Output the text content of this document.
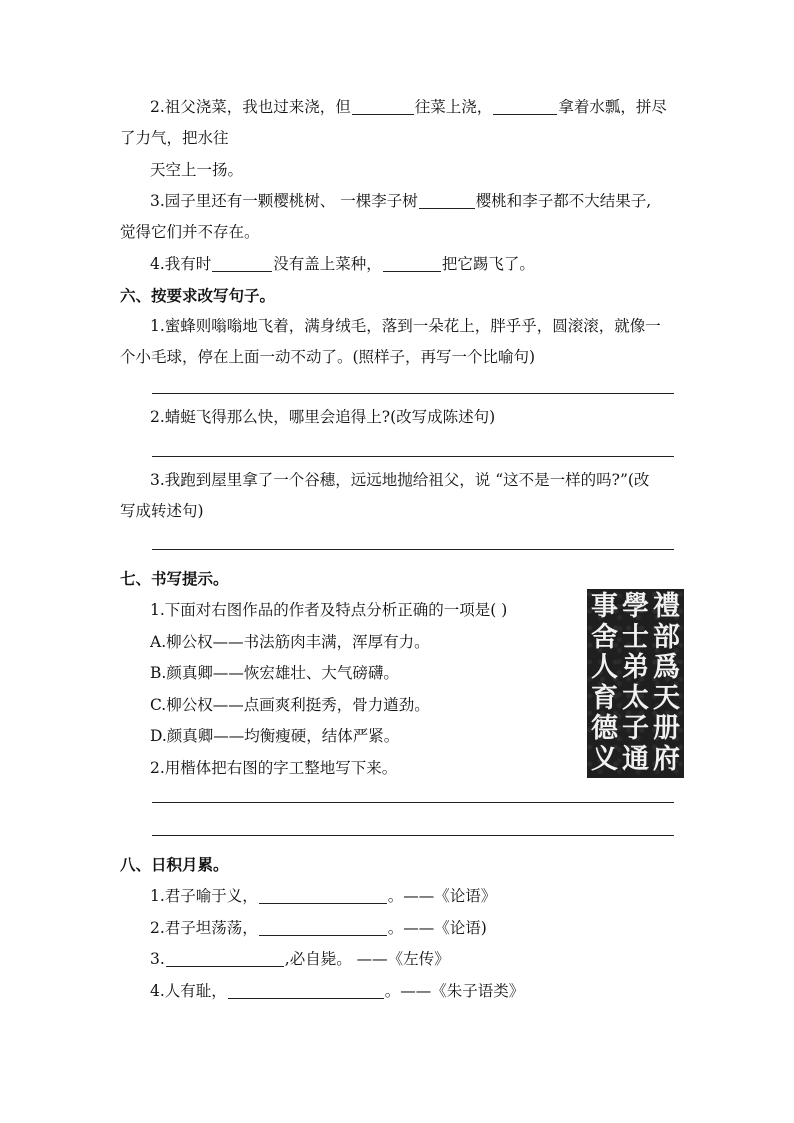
2.祖父浇菜，我也过来浇，但	往菜上浇，	拿着水瓢，拼尽
了力气，把水往
天空上一扬。
3.园子里还有一颗樱桃树、 一棵李子树	樱桃和李子都不大结果子,
觉得它们并不存在。
4.我有时	没有盖上菜种，	把它踢飞了。
六、按要求改写句子。
1.蜜蜂则嗡嗡地飞着，满身绒毛，落到一朵花上，胖乎乎，圆滚滚，就像一
个小毛球，停在上面一动不动了。(照样子，再写一个比喻句)
2.蜻蜓飞得那么快，哪里会追得上?(改写成陈述句)
3.我跑到屋里拿了一个谷穗，远远地抛给祖父，说 “这不是一样的吗?”(改
写成转述句)
七、书写提示。
1.下面对右图作品的作者及特点分析正确的一项是( )
A.柳公权——书法筋肉丰满，浑厚有力。
B.颜真卿——恢宏雄壮、大气磅礴。
C.柳公权——点画爽利挺秀，骨力遒劲。
D.颜真卿——均衡瘦硬，结体严紧。
2.用楷体把右图的字工整地写下来。
禮
部
爲
天
册
府
學
士
弟
太
子
通
事
舍
人
育
德
义
八、日积月累。
1.君子喻于义，	。——《论语》
2.君子坦荡荡，	。——《论语)
3.	,必自毙。 ——《左传》
4.人有耻，	。——《朱子语类》
